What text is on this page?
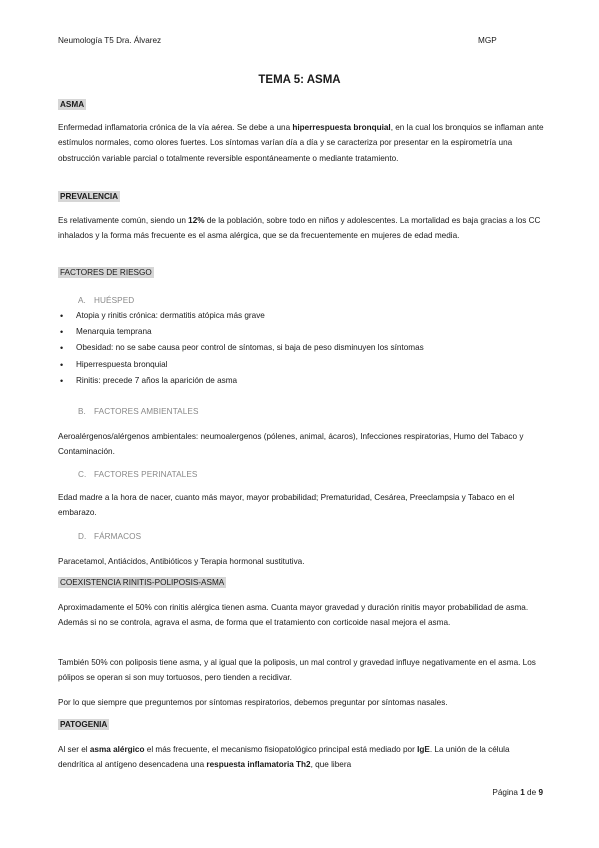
Neumología T5 Dra. Álvarez	MGP
TEMA 5: ASMA
ASMA

Enfermedad inflamatoria crónica de la vía aérea. Se debe a una hiperrespuesta bronquial, en la cual los bronquios se inflaman ante estímulos normales, como olores fuertes. Los síntomas varían día a día y se caracteriza por presentar en la espirometría una obstrucción variable parcial o totalmente reversible espontáneamente o mediante tratamiento.

PREVALENCIA

Es relativamente común, siendo un 12% de la población, sobre todo en niños y adolescentes. La mortalidad es baja gracias a los CC inhalados y la forma más frecuente es el asma alérgica, que se da frecuentemente en mujeres de edad media.

FACTORES DE RIESGO
A. HUÉSPED
• Atopia y rinitis crónica: dermatitis atópica más grave
• Menarquia temprana
• Obesidad: no se sabe causa peor control de síntomas, si baja de peso disminuyen los síntomas
• Hiperrespuesta bronquial
• Rinitis: precede 7 años la aparición de asma
B. FACTORES AMBIENTALES

Aeroalérgenos/alérgenos ambientales: neumoalergenos (pólenes, animal, ácaros), Infecciones respiratorias, Humo del Tabaco y Contaminación.

C. FACTORES PERINATALES

Edad madre a la hora de nacer, cuanto más mayor, mayor probabilidad; Prematuridad, Cesárea, Preeclampsia y Tabaco en el embarazo.

D. FÁRMACOS

Paracetamol, Antiácidos, Antibióticos y Terapia hormonal sustitutiva.

COEXISTENCIA RINITIS-POLIPOSIS-ASMA

Aproximadamente el 50% con rinitis alérgica tienen asma. Cuanta mayor gravedad y duración rinitis mayor probabilidad de asma. Además si no se controla, agrava el asma, de forma que el tratamiento con corticoide nasal mejora el asma.

También 50% con poliposis tiene asma, y al igual que la poliposis, un mal control y gravedad influye negativamente en el asma. Los pólipos se operan si son muy tortuosos, pero tienden a recidivar.

Por lo que siempre que preguntemos por síntomas respiratorios, debemos preguntar por síntomas nasales.

PATOGENIA

Al ser el asma alérgico el más frecuente, el mecanismo fisiopatológico principal está mediado por IgE. La unión de la célula dendrítica al antígeno desencadena una respuesta inflamatoria Th2, que libera

Página 1 de 9
